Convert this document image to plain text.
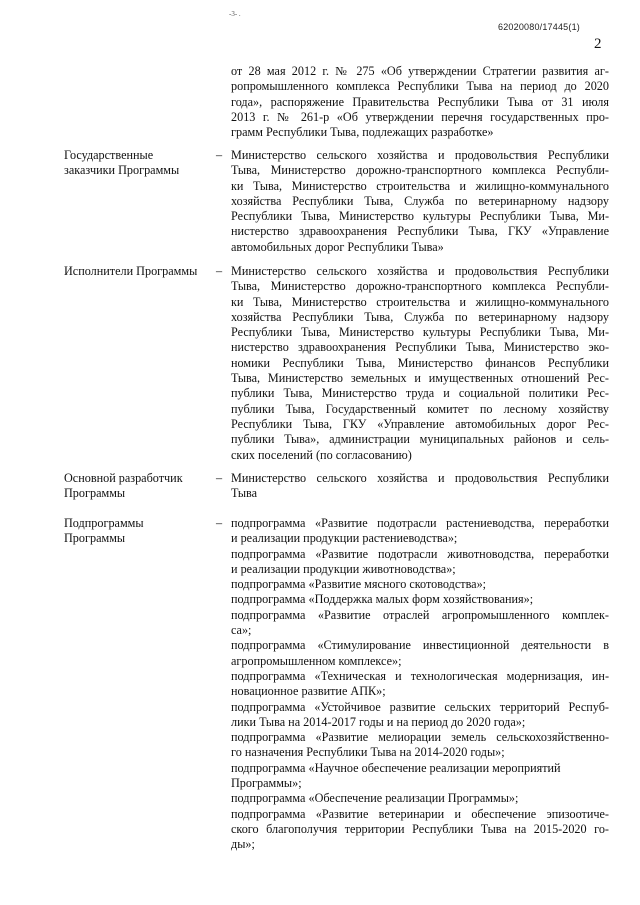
-3- .
62020080/17445(1)
2
от 28 мая 2012 г. № 275 «Об утверждении Стратегии развития аг-
ропромышленного комплекса Республики Тыва на период до 2020
года», распоряжение Правительства Республики Тыва от 31 июля
2013 г. № 261-р «Об утверждении перечня государственных про-
грамм Республики Тыва, подлежащих разработке»
Государственные
заказчики Программы
– Министерство сельского хозяйства и продовольствия Республики
Тыва, Министерство дорожно-транспортного комплекса Республи-
ки Тыва, Министерство строительства и жилищно-коммунального
хозяйства Республики Тыва, Служба по ветеринарному надзору
Республики Тыва, Министерство культуры Республики Тыва, Ми-
нистерство здравоохранения Республики Тыва, ГКУ «Управление
автомобильных дорог Республики Тыва»
Исполнители Программы	– Министерство сельского хозяйства и продовольствия Республики
Тыва, Министерство дорожно-транспортного комплекса Республи-
ки Тыва, Министерство строительства и жилищно-коммунального
хозяйства Республики Тыва, Служба по ветеринарному надзору
Республики Тыва, Министерство культуры Республики Тыва, Ми-
нистерство здравоохранения Республики Тыва, Министерство эко-
номики Республики Тыва, Министерство финансов Республики
Тыва, Министерство земельных и имущественных отношений Рес-
публики Тыва, Министерство труда и социальной политики Рес-
публики Тыва, Государственный комитет по лесному хозяйству
Республики Тыва, ГКУ «Управление автомобильных дорог Рес-
публики Тыва», администрации муниципальных районов и сель-
ских поселений (по согласованию)
Основной разработчик
Программы
– Министерство сельского хозяйства и продовольствия Республики
Тыва
Подпрограммы
Программы
– подпрограмма «Развитие подотрасли растениеводства, переработки
и реализации продукции растениеводства»;
подпрограмма «Развитие подотрасли животноводства, переработки
и реализации продукции животноводства»;
подпрограмма «Развитие мясного скотоводства»;
подпрограмма «Поддержка малых форм хозяйствования»;
подпрограмма «Развитие отраслей агропромышленного комплек-
са»;
подпрограмма «Стимулирование инвестиционной деятельности в
агропромышленном комплексе»;
подпрограмма «Техническая и технологическая модернизация, ин-
новационное развитие АПК»;
подпрограмма «Устойчивое развитие сельских территорий Респуб-
лики Тыва на 2014-2017 годы и на период до 2020 года»;
подпрограмма «Развитие мелиорации земель сельскохозяйственно-
го назначения Республики Тыва на 2014-2020 годы»;
подпрограмма «Научное обеспечение реализации мероприятий
Программы»;
подпрограмма «Обеспечение реализации Программы»;
подпрограмма «Развитие ветеринарии и обеспечение эпизоотиче-
ского благополучия территории Республики Тыва на 2015-2020 го-
ды»;
